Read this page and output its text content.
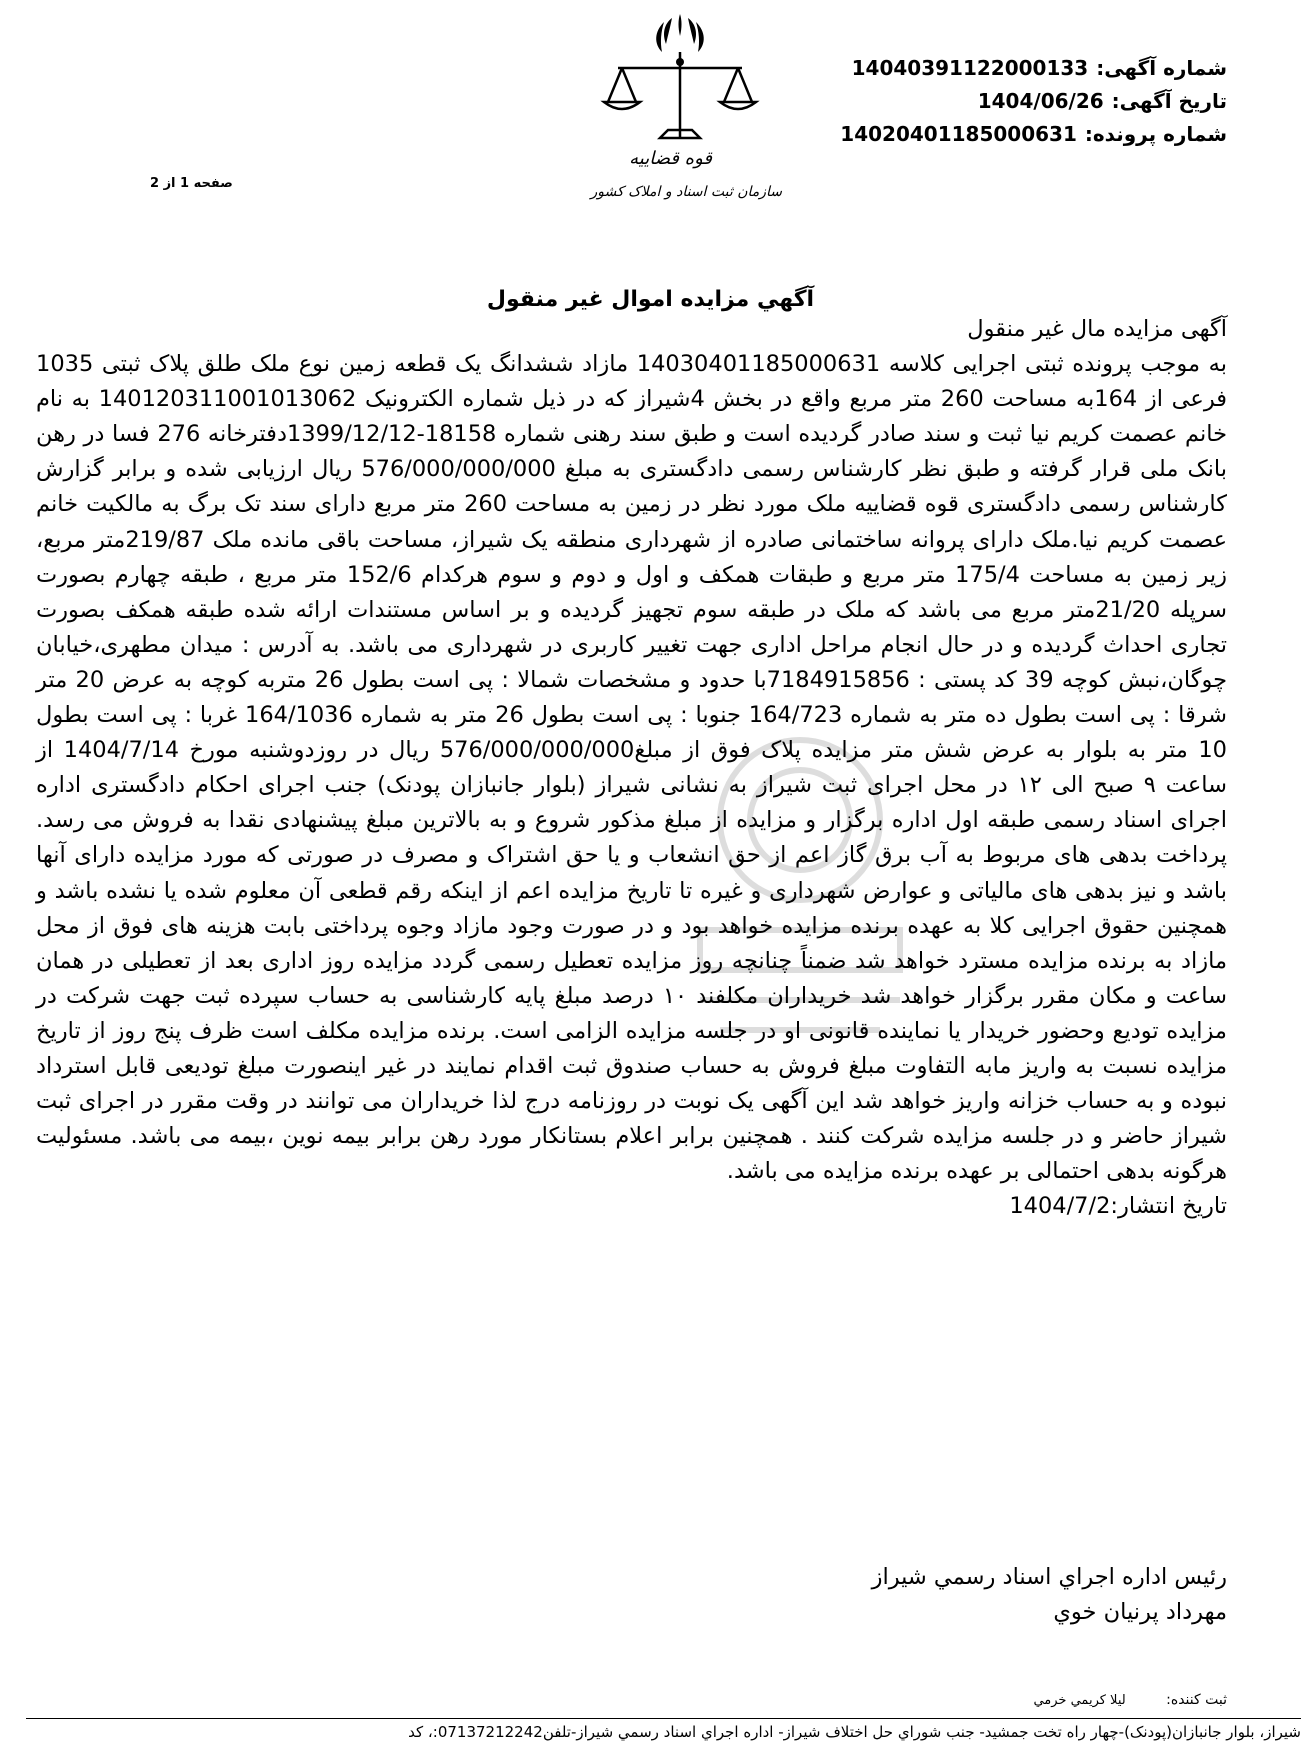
قوه قضاییه
سازمان ثبت اسناد و املاک کشور
شماره آگهی:
14040391122000133
تاریخ آگهی:
1404/06/26
شماره پرونده:
14020401185000631
صفحه 1 از 2
آگهي مزايده اموال غير منقول
آگهی مزایده مال غیر منقول
به موجب پرونده ثبتی اجرایی کلاسه 14030401185000631 مازاد ششدانگ یک قطعه زمین نوع ملک طلق پلاک ثبتی 1035 فرعی از 164به مساحت 260 متر مربع واقع در بخش 4شیراز که در ذیل شماره الکترونیک 140120311001013062 به نام خانم عصمت کریم نیا ثبت و سند صادر گردیده است و طبق سند رهنی شماره 18158-1399/12/12دفترخانه 276 فسا در رهن بانک ملی قرار گرفته و طبق نظر کارشناس رسمی دادگستری به مبلغ 576/000/000/000 ریال ارزیابی شده و برابر گزارش کارشناس رسمی دادگستری قوه قضاییه ملک مورد نظر در زمین به مساحت 260 متر مربع دارای سند تک برگ به مالکیت خانم عصمت کریم نیا.ملک دارای پروانه ساختمانی صادره از شهرداری منطقه یک شیراز، مساحت باقی مانده ملک 219/87متر مربع، زیر زمین به مساحت 175/4 متر مربع و طبقات همکف و اول و دوم و سوم هرکدام 152/6 متر مربع ، طبقه چهارم بصورت سرپله 21/20متر مربع می باشد که ملک در طبقه سوم تجهیز گردیده و بر اساس مستندات ارائه شده طبقه همکف بصورت تجاری احداث گردیده و در حال انجام مراحل اداری جهت تغییر کاربری در شهرداری می باشد. به آدرس : میدان مطهری،خیابان چوگان،نبش کوچه 39 کد پستی : 7184915856با حدود و مشخصات شمالا : پی است بطول 26 متربه کوچه به عرض 20 متر شرقا : پی است بطول ده متر به شماره 164/723 جنوبا : پی است بطول 26 متر به شماره 164/1036 غربا : پی است بطول 10 متر به بلوار به عرض شش متر مزایده پلاک فوق از مبلغ576/000/000/000 ریال در روزدوشنبه مورخ 1404/7/14 از ساعت ۹ صبح الی ۱۲ در محل اجرای ثبت شیراز به نشانی شیراز (بلوار جانبازان پودنک) جنب اجرای احکام دادگستری اداره اجرای اسناد رسمی طبقه اول اداره برگزار و مزایده از مبلغ مذکور شروع و به بالاترین مبلغ پیشنهادی نقدا به فروش می رسد. پرداخت بدهی های مربوط به آب برق گاز اعم از حق انشعاب و یا حق اشتراک و مصرف در صورتی که مورد مزایده دارای آنها باشد و نیز بدهی های مالیاتی و عوارض شهرداری و غیره تا تاریخ مزایده اعم از اینکه رقم قطعی آن معلوم شده یا نشده باشد و همچنین حقوق اجرایی کلا به عهده برنده مزایده خواهد بود و در صورت وجود مازاد وجوه پرداختی بابت هزینه های فوق از محل مازاد به برنده مزایده مسترد خواهد شد ضمناً چنانچه روز مزایده تعطیل رسمی گردد مزایده روز اداری بعد از تعطیلی در همان ساعت و مکان مقرر برگزار خواهد شد خریداران مکلفند ۱۰ درصد مبلغ پایه کارشناسی به حساب سپرده ثبت جهت شرکت در مزایده تودیع وحضور خریدار یا نماینده قانونی او در جلسه مزایده الزامی است. برنده مزایده مکلف است ظرف پنج روز از تاریخ مزایده نسبت به واریز مابه التفاوت مبلغ فروش به حساب صندوق ثبت اقدام نمایند در غیر اینصورت مبلغ تودیعی قابل استرداد نبوده و به حساب خزانه واریز خواهد شد این آگهی یک نوبت در روزنامه درج لذا خریداران می توانند در وقت مقرر در اجرای ثبت شیراز حاضر و در جلسه مزایده شرکت کنند . همچنین برابر اعلام بستانکار مورد رهن برابر بیمه نوین ،بیمه می باشد. مسئولیت هرگونه بدهی احتمالی بر عهده برنده مزایده می باشد.
تاریخ انتشار:1404/7/2
رئيس اداره اجراي اسناد رسمي شيراز
مهرداد پرنيان خوي
ثبت کننده: ليلا کريمي خرمي
شيراز، بلوار جانبازان(پودنک)-چهار راه تخت جمشيد- جنب شوراي حل اختلاف شيراز- اداره اجراي اسناد رسمي شيراز-تلفن07137212242:، کد
